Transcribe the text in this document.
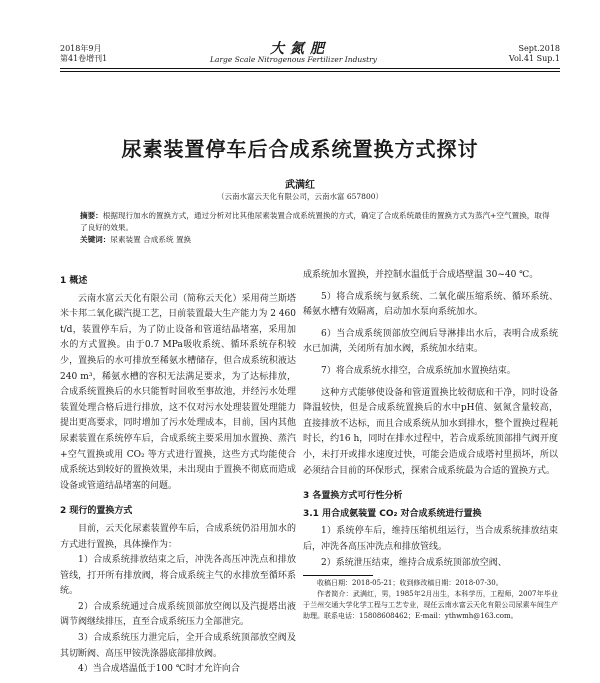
2018年9月
第41卷增刊1
大氮肥
Large Scale Nitrogenous Fertilizer Industry
Sept.2018
Vol.41 Sup.1
尿素装置停车后合成系统置换方式探讨
武满红
（云南水富云天化有限公司，云南水富 657800）
摘要：根据现行加水的置换方式，通过分析对比其他尿素装置合成系统置换的方式，确定了合成系统最佳的置换方式为蒸汽+空气置换，取得了良好的效果。
关键词：尿素装置 合成系统 置换
1 概述

云南水富云天化有限公司（简称云天化）采用荷兰斯塔米卡邦二氧化碳汽提工艺，日前装置最大生产能力为 2 460 t/d，装置停车后，为了防止设备和管道结晶堵塞，采用加水的方式置换。由于0.7 MPa吸收系统、循环系统存积较少，置换后的水可排放至稀氨水槽储存，但合成系统积液达 240 m³，稀氨水槽的容积无法满足要求，为了达标排放，合成系统置换后的水只能暂时回收至事故池，并经污水处理装置处理合格后进行排放，这不仅对污水处理装置处理能力提出更高要求，同时增加了污水处理成本，目前，国内其他尿素装置在系统停车后，合成系统主要采用加水置换、蒸汽+空气置换或用 CO₂ 等方式进行置换，这些方式均能使合成系统达到较好的置换效果，未出现由于置换不彻底而造成设备或管道结晶堵塞的问题。

2 现行的置换方式

目前，云天化尿素装置停车后，合成系统仍沿用加水的方式进行置换，具体操作为：

1）合成系统排放结束之后，冲洗各高压冲洗点和排放管线，打开所有排放阀，将合成系统主气的水排放至循环系统。

2）合成系统通过合成系统顶部放空阀以及汽提塔出液调节阀继续排压，直至合成系统压力全部泄完。

3）合成系统压力泄完后，全开合成系统顶部放空阀及其切断阀、高压甲铵洗涤器底部排放阀。

4）当合成塔温低于100 ℃时才允许向合

成系统加水置换，并控制水温低于合成塔壁温 30~40 ℃。

5）将合成系统与氨系统、二氧化碳压缩系统、循环系统、稀氨水槽有效隔离，启动加水泵向系统加水。

6）当合成系统顶部放空阀后导淋排出水后，表明合成系统水已加满，关闭所有加水阀，系统加水结束。

7）将合成系统水排空，合成系统加水置换结束。

这种方式能够使设备和管道置换比较彻底和干净，同时设备降温较快，但是合成系统置换后的水中pH值、氨氮含量较高，直接排放不达标，而且合成系统从加水到排水，整个置换过程耗时长，约16 h，同时在排水过程中，若合成系统顶部排气阀开度小，未打开或排水速度过快，可能会造成合成塔衬里损坏，所以必须结合目前的环保形式，探索合成系统最为合适的置换方式。

3 各置换方式可行性分析
3.1 用合成氨装置 CO₂ 对合成系统进行置换

1）系统停车后，维持压缩机组运行，当合成系统排放结束后，冲洗各高压冲洗点和排放管线。

2）系统泄压结束，维持合成系统顶部放空阀、

收稿日期：2018-05-21；收到修改稿日期：2018-07-30。
作者简介：武满红，男，1985年2月出生，本科学历，工程师，2007年毕业于兰州交通大学化学工程与工艺专业，现任云南水富云天化有限公司尿素车间生产助理。联系电话：15808608462；E-mail：ythwmh@163.com。
